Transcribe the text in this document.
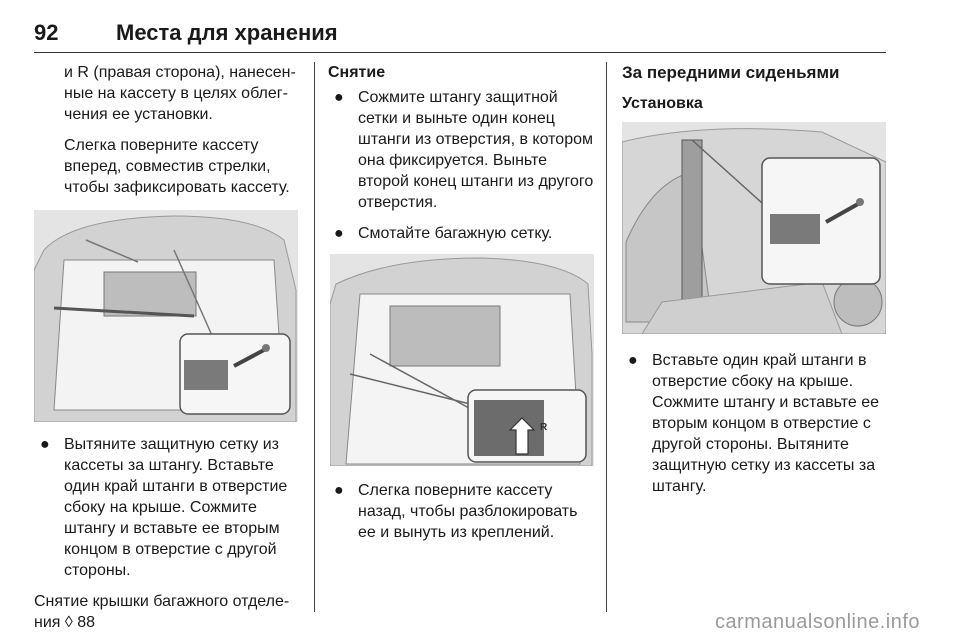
92	Места для хранения

и R (правая сторона), нанесен-ные на кассету в целях облег-чения ее установки.

Слегка поверните кассету вперед, совместив стрелки, чтобы зафиксировать кассету.

● Вытяните защитную сетку из кассеты за штангу. Вставьте один край штанги в отверстие сбоку на крыше. Сожмите штангу и вставьте ее вторым концом в отверстие с другой стороны.

Снятие крышки багажного отделе-ния ◊ 88

Снятие
● Сожмите штангу защитной сетки и выньте один конец штанги из отверстия, в котором она фиксируется. Выньте второй конец штанги из другого отверстия.
● Смотайте багажную сетку.
R
● Слегка поверните кассету назад, чтобы разблокировать ее и вынуть из креплений.
За передними сиденьями
Установка
● Вставьте один край штанги в отверстие сбоку на крыше. Сожмите штангу и вставьте ее вторым концом в отверстие с другой стороны. Вытяните защитную сетку из кассеты за штангу.
carmanualsonline.info
